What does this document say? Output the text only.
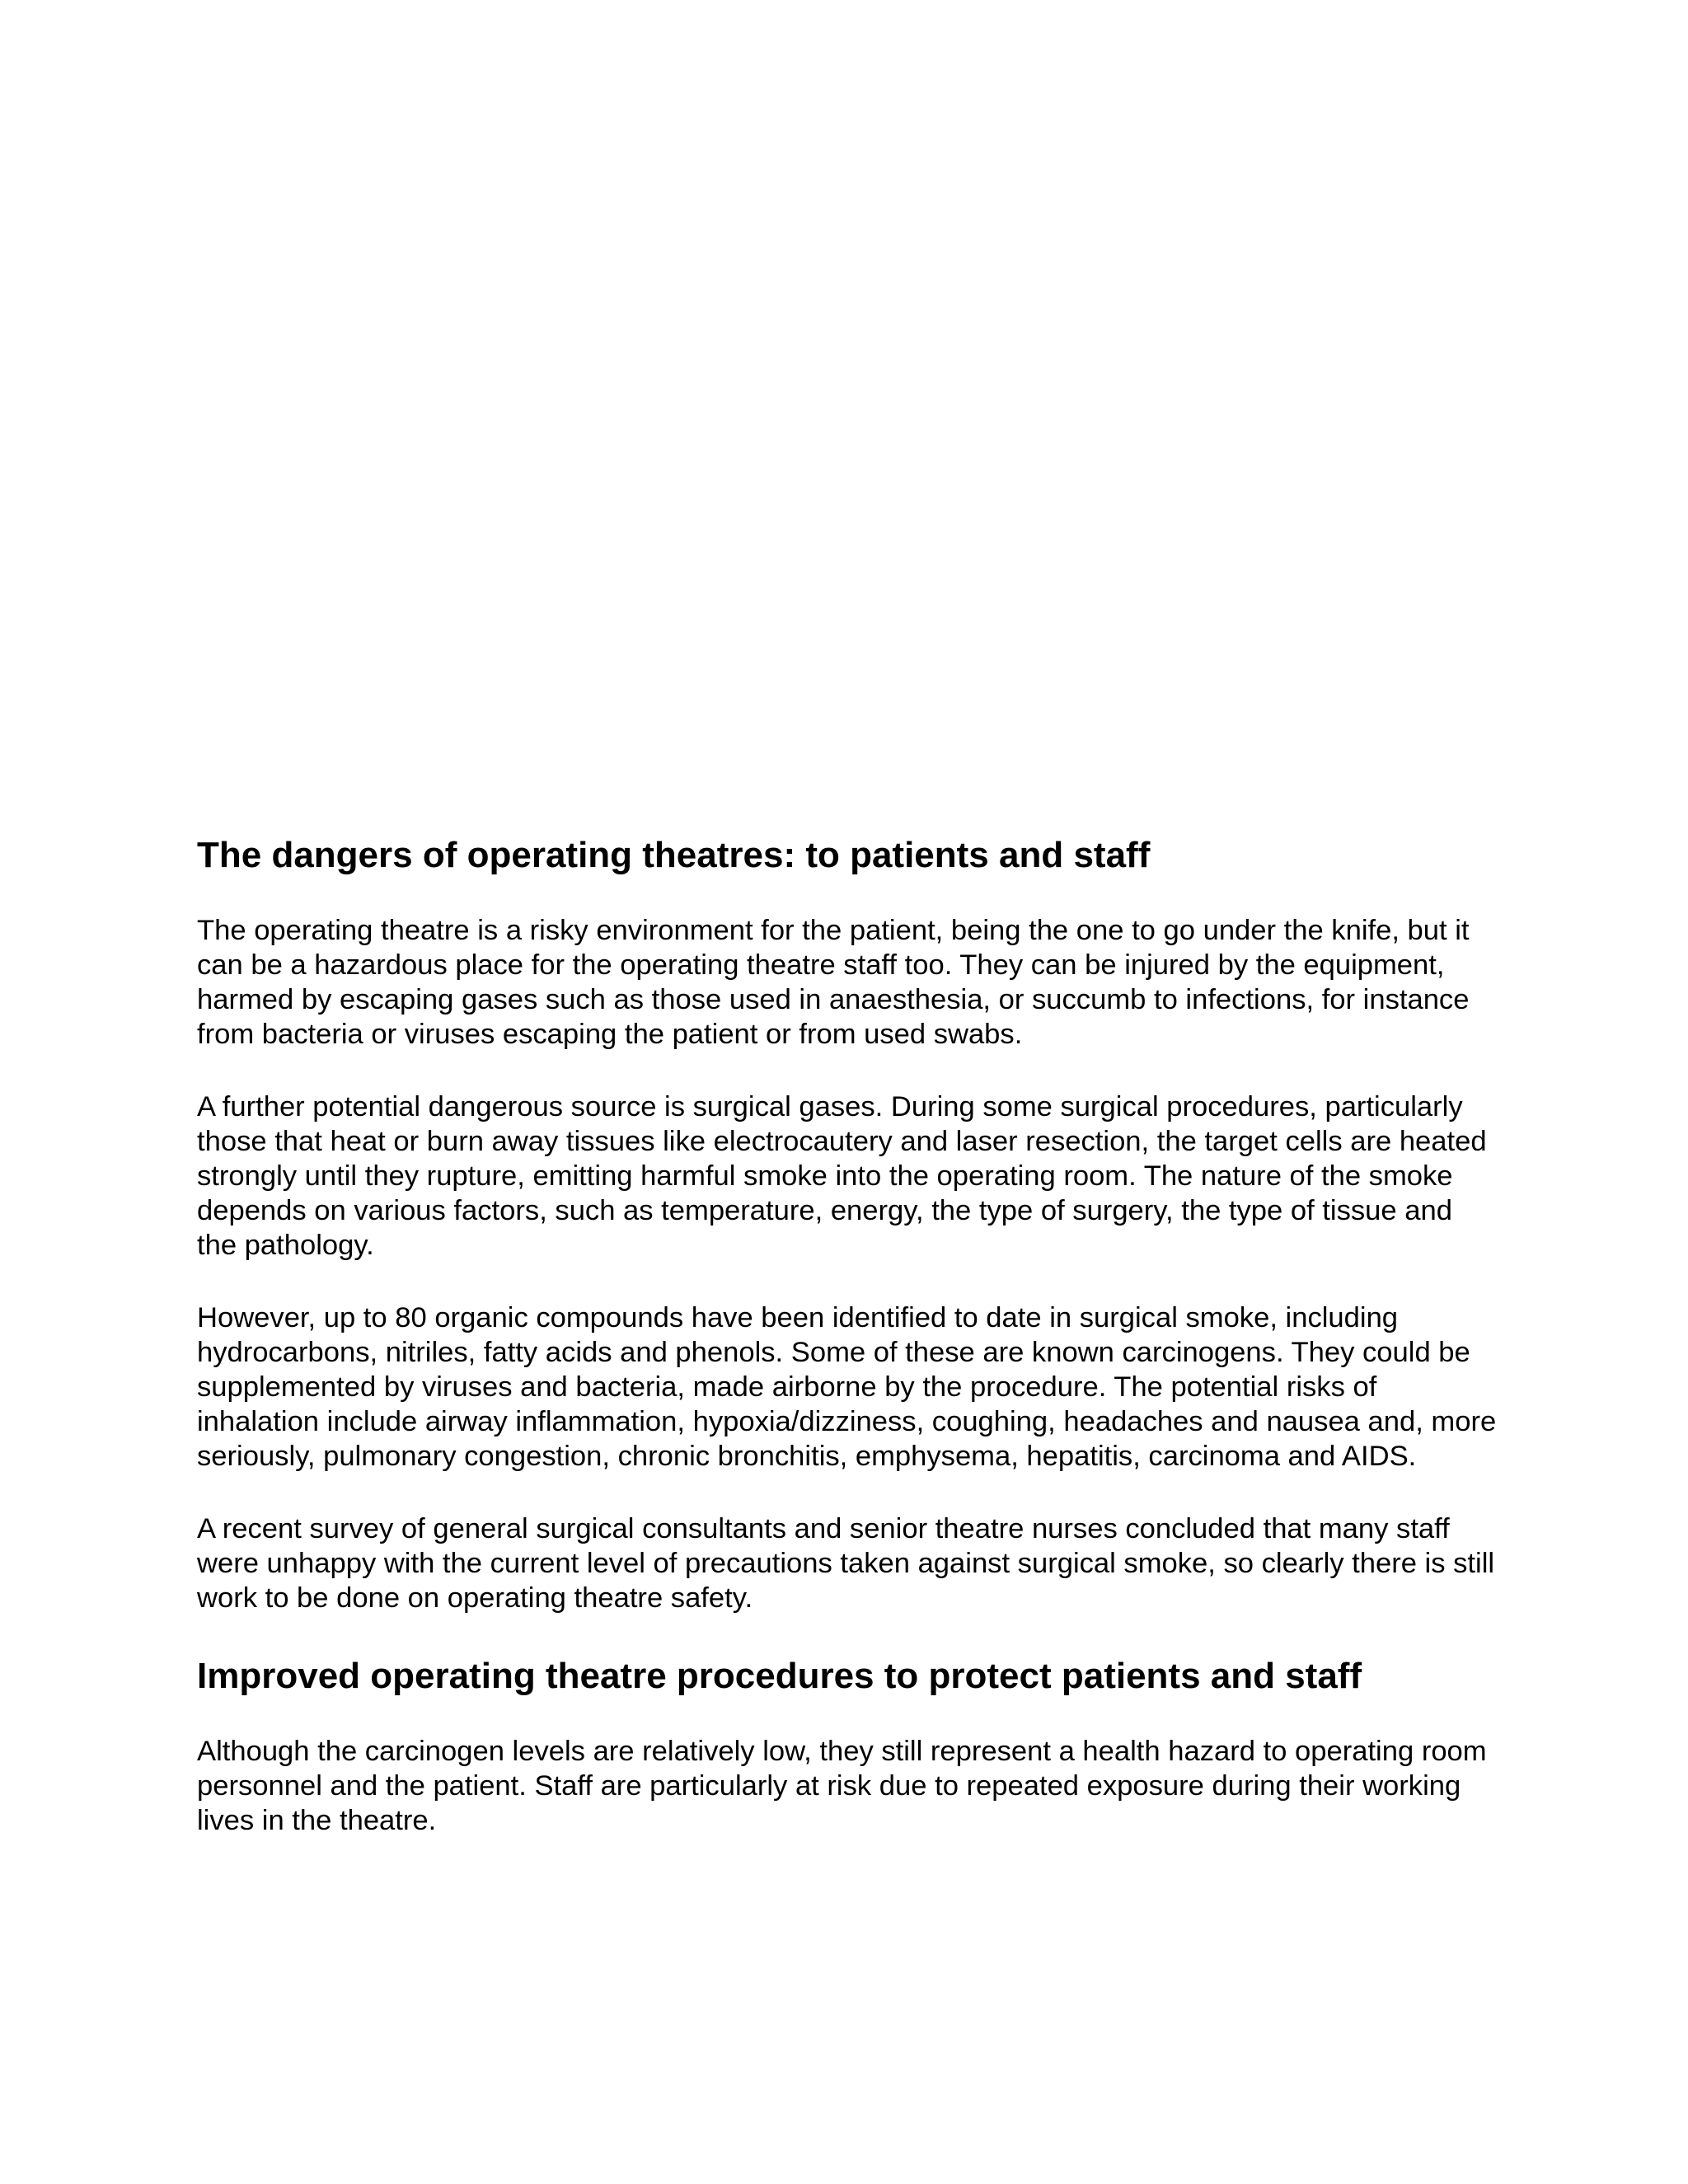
The dangers of operating theatres: to patients and staff

The operating theatre is a risky environment for the patient, being the one to go under the knife, but it can be a hazardous place for the operating theatre staff too. They can be injured by the equipment, harmed by escaping gases such as those used in anaesthesia, or succumb to infections, for instance from bacteria or viruses escaping the patient or from used swabs.

A further potential dangerous source is surgical gases. During some surgical procedures, particularly those that heat or burn away tissues like electrocautery and laser resection, the target cells are heated strongly until they rupture, emitting harmful smoke into the operating room. The nature of the smoke depends on various factors, such as temperature, energy, the type of surgery, the type of tissue and the pathology.

However, up to 80 organic compounds have been identified to date in surgical smoke, including hydrocarbons, nitriles, fatty acids and phenols. Some of these are known carcinogens. They could be supplemented by viruses and bacteria, made airborne by the procedure. The potential risks of inhalation include airway inflammation, hypoxia/dizziness, coughing, headaches and nausea and, more seriously, pulmonary congestion, chronic bronchitis, emphysema, hepatitis, carcinoma and AIDS.

A recent survey of general surgical consultants and senior theatre nurses concluded that many staff were unhappy with the current level of precautions taken against surgical smoke, so clearly there is still work to be done on operating theatre safety.

Improved operating theatre procedures to protect patients and staff

Although the carcinogen levels are relatively low, they still represent a health hazard to operating room personnel and the patient. Staff are particularly at risk due to repeated exposure during their working lives in the theatre.
